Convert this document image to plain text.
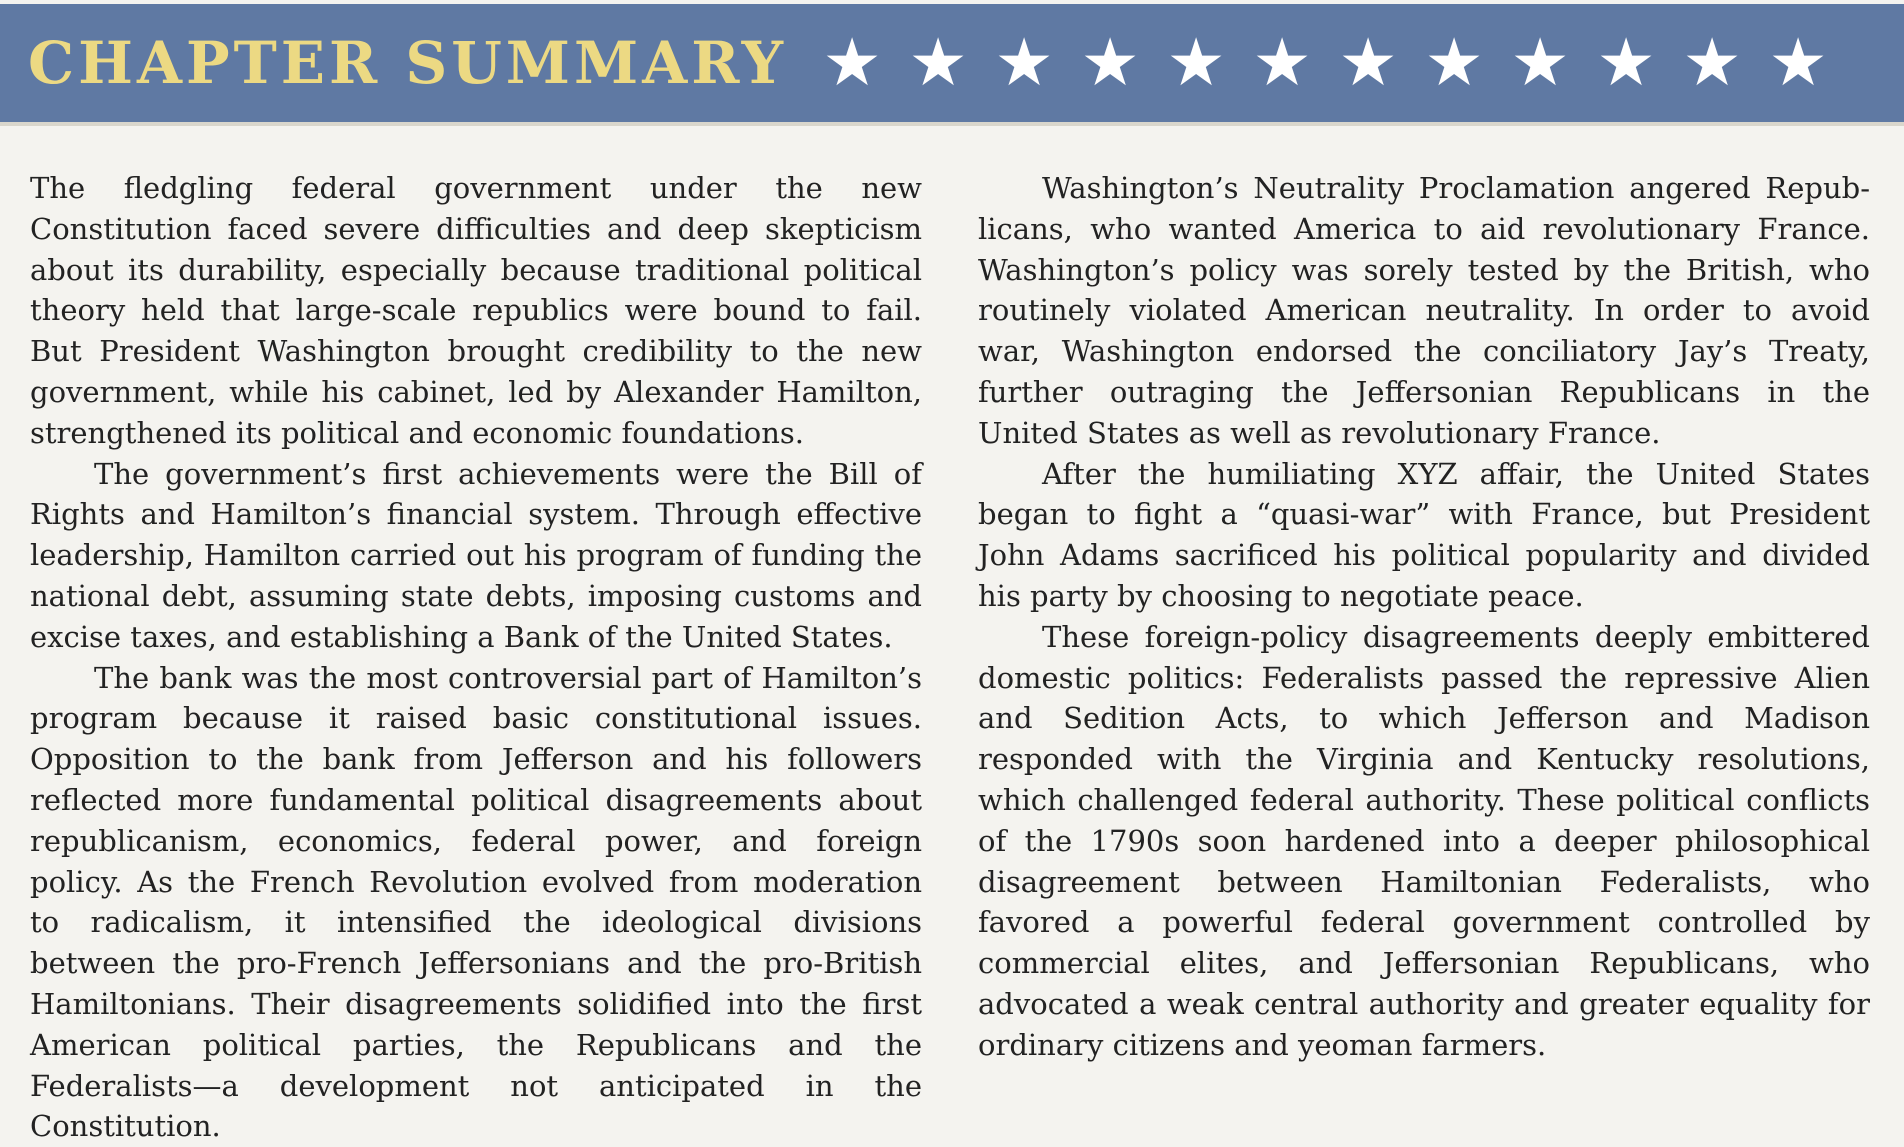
CHAPTER SUMMARY ★ ★ ★ ★ ★ ★ ★ ★ ★ ★ ★ ★

The fledgling federal government under the new Constitution faced severe difficulties and deep skepticism about its durability, especially because traditional political theory held that large-scale republics were bound to fail. But President Washington brought credibility to the new government, while his cabinet, led by Alexander Hamilton, strengthened its political and economic foundations.

The government’s first achievements were the Bill of Rights and Hamilton’s financial system. Through effective leadership, Hamilton carried out his program of funding the national debt, assuming state debts, imposing customs and excise taxes, and establishing a Bank of the United States.

The bank was the most controversial part of Hamilton’s program because it raised basic constitutional issues. Opposition to the bank from Jefferson and his followers reflected more fundamental political disagreements about republicanism, economics, federal power, and foreign policy. As the French Revolution evolved from moderation to radicalism, it intensified the ideological divisions between the pro-French Jeffersonians and the pro-British Hamiltonians. Their disagreements solidified into the first American political parties, the Republicans and the Federalists—a development not anticipated in the Constitution.

Washington’s Neutrality Proclamation angered Republicans, who wanted America to aid revolutionary France. Washington’s policy was sorely tested by the British, who routinely violated American neutrality. In order to avoid war, Washington endorsed the conciliatory Jay’s Treaty, further outraging the Jeffersonian Republicans in the United States as well as revolutionary France.

After the humiliating XYZ affair, the United States began to fight a “quasi-war” with France, but President John Adams sacrificed his political popularity and divided his party by choosing to negotiate peace.

These foreign-policy disagreements deeply embittered domestic politics: Federalists passed the repressive Alien and Sedition Acts, to which Jefferson and Madison responded with the Virginia and Kentucky resolutions, which challenged federal authority. These political conflicts of the 1790s soon hardened into a deeper philosophical disagreement between Hamiltonian Federalists, who favored a powerful federal government controlled by commercial elites, and Jeffersonian Republicans, who advocated a weak central authority and greater equality for ordinary citizens and yeoman farmers.
